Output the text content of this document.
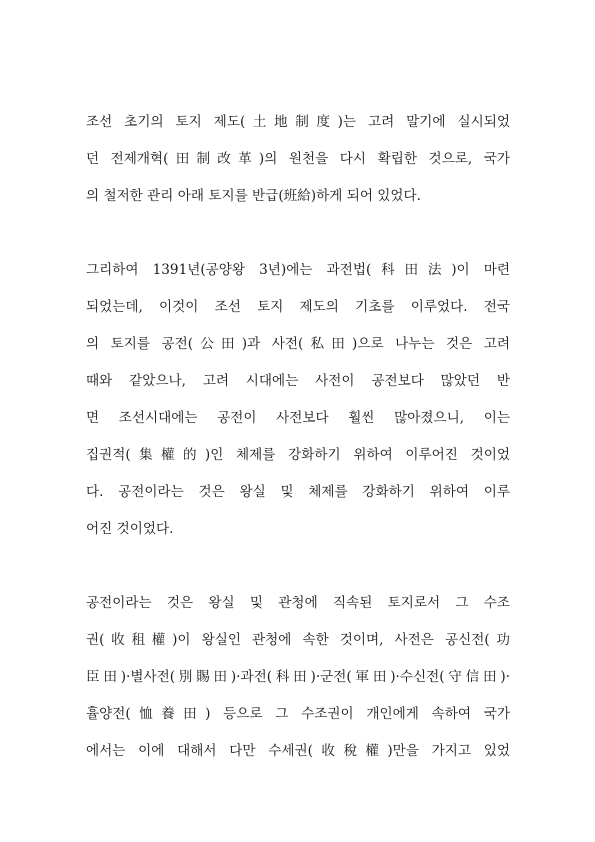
조선 초기의 토지 제도(土地制度)는 고려 말기에 실시되었
던 전제개혁(田制改革)의 원천을 다시 확립한 것으로, 국가
의 철저한 관리 아래 토지를 반급(班給)하게 되어 있었다.
그리하여 1391년(공양왕 3년)에는 과전법(科田法)이 마련
되었는데, 이것이 조선 토지 제도의 기초를 이루었다. 전국
의 토지를 공전(公田)과 사전(私田)으로 나누는 것은 고려
때와 같았으나, 고려 시대에는 사전이 공전보다 많았던 반
면 조선시대에는 공전이 사전보다 훨씬 많아졌으니, 이는
집권적(集權的)인 체제를 강화하기 위하여 이루어진 것이었
다. 공전이라는 것은 왕실 및 체제를 강화하기 위하여 이루
어진 것이었다.
공전이라는 것은 왕실 및 관청에 직속된 토지로서 그 수조
권(收租權)이 왕실인 관청에 속한 것이며, 사전은 공신전(功
臣田)·별사전(別賜田)·과전(科田)·군전(軍田)·수신전(守信田)·
휼양전(恤養田) 등으로 그 수조권이 개인에게 속하여 국가
에서는 이에 대해서 다만 수세권(收稅權)만을 가지고 있었
